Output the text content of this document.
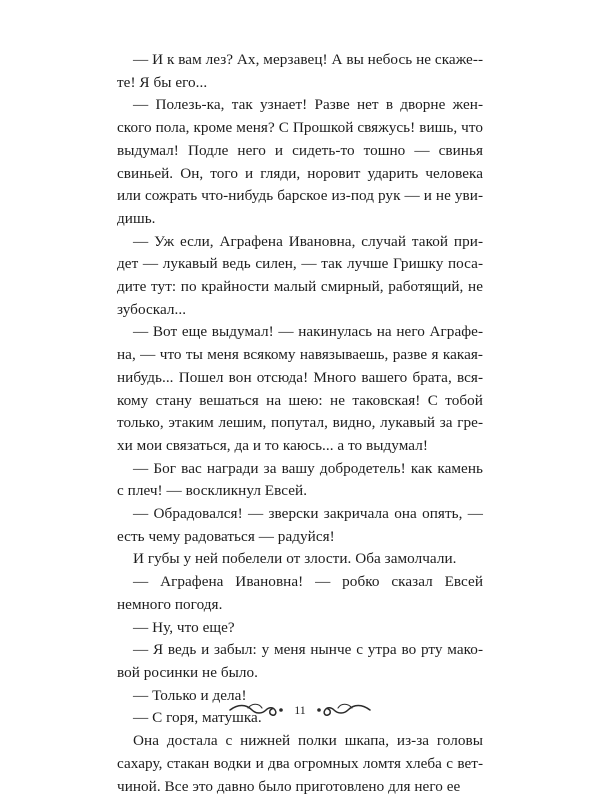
— И к вам лез? Ах, мерзавец! А вы небось не скаже-те! Я бы его...

— Полезь-ка, так узнает! Разве нет в дворне женского пола, кроме меня? С Прошкой свяжусь! вишь, что выдумал! Подле него и сидеть-то тошно — свинья свиньей. Он, того и гляди, норовит ударить человека или сожрать что-нибудь барское из-под рук — и не увидишь.

— Уж если, Аграфена Ивановна, случай такой придет — лукавый ведь силен, — так лучше Гришку посадите тут: по крайности малый смирный, работящий, не зубоскал...

— Вот еще выдумал! — накинулась на него Аграфена, — что ты меня всякому навязываешь, разве я какая-нибудь... Пошел вон отсюда! Много вашего брата, всякому стану вешаться на шею: не таковская! С тобой только, этаким лешим, попутал, видно, лукавый за грехи мои связаться, да и то каюсь... а то выдумал!

— Бог вас награди за вашу добродетель! как камень с плеч! — воскликнул Евсей.

— Обрадовался! — зверски закричала она опять, — есть чему радоваться — радуйся!

И губы у ней побелели от злости. Оба замолчали.

— Аграфена Ивановна! — робко сказал Евсей немного погодя.

— Ну, что еще?

— Я ведь и забыл: у меня нынче с утра во рту маковой росинки не было.

— Только и дела!

— С горя, матушка.

Она достала с нижней полки шкапа, из-за головы сахару, стакан водки и два огромных ломтя хлеба с ветчиной. Все это давно было приготовлено для него ее

11
